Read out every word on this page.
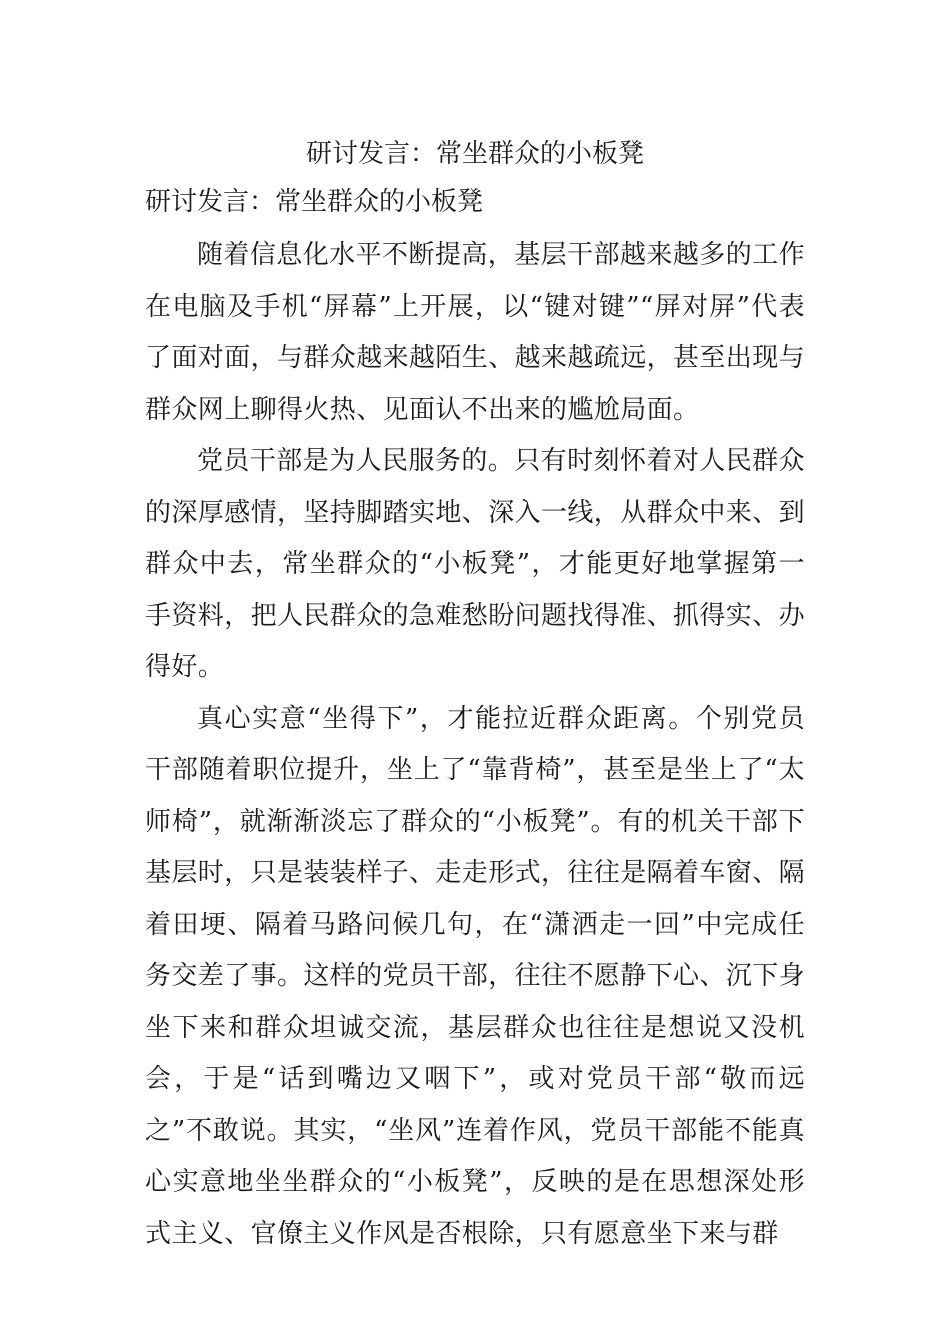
研讨发言：常坐群众的小板凳
研讨发言：常坐群众的小板凳

随着信息化水平不断提高，基层干部越来越多的工作在电脑及手机“屏幕”上开展，以“键对键”“屏对屏”代表了面对面，与群众越来越陌生、越来越疏远，甚至出现与群众网上聊得火热、见面认不出来的尴尬局面。

党员干部是为人民服务的。只有时刻怀着对人民群众的深厚感情，坚持脚踏实地、深入一线，从群众中来、到群众中去，常坐群众的“小板凳”，才能更好地掌握第一手资料，把人民群众的急难愁盼问题找得准、抓得实、办得好。

真心实意“坐得下”，才能拉近群众距离。个别党员干部随着职位提升，坐上了“靠背椅”，甚至是坐上了“太师椅”，就渐渐淡忘了群众的“小板凳”。有的机关干部下基层时，只是装装样子、走走形式，往往是隔着车窗、隔着田埂、隔着马路问候几句，在“潇洒走一回”中完成任务交差了事。这样的党员干部，往往不愿静下心、沉下身坐下来和群众坦诚交流，基层群众也往往是想说又没机会，于是“话到嘴边又咽下”，或对党员干部“敬而远之”不敢说。其实，“坐风”连着作风，党员干部能不能真心实意地坐坐群众的“小板凳”，反映的是在思想深处形式主义、官僚主义作风是否根除，只有愿意坐下来与群
